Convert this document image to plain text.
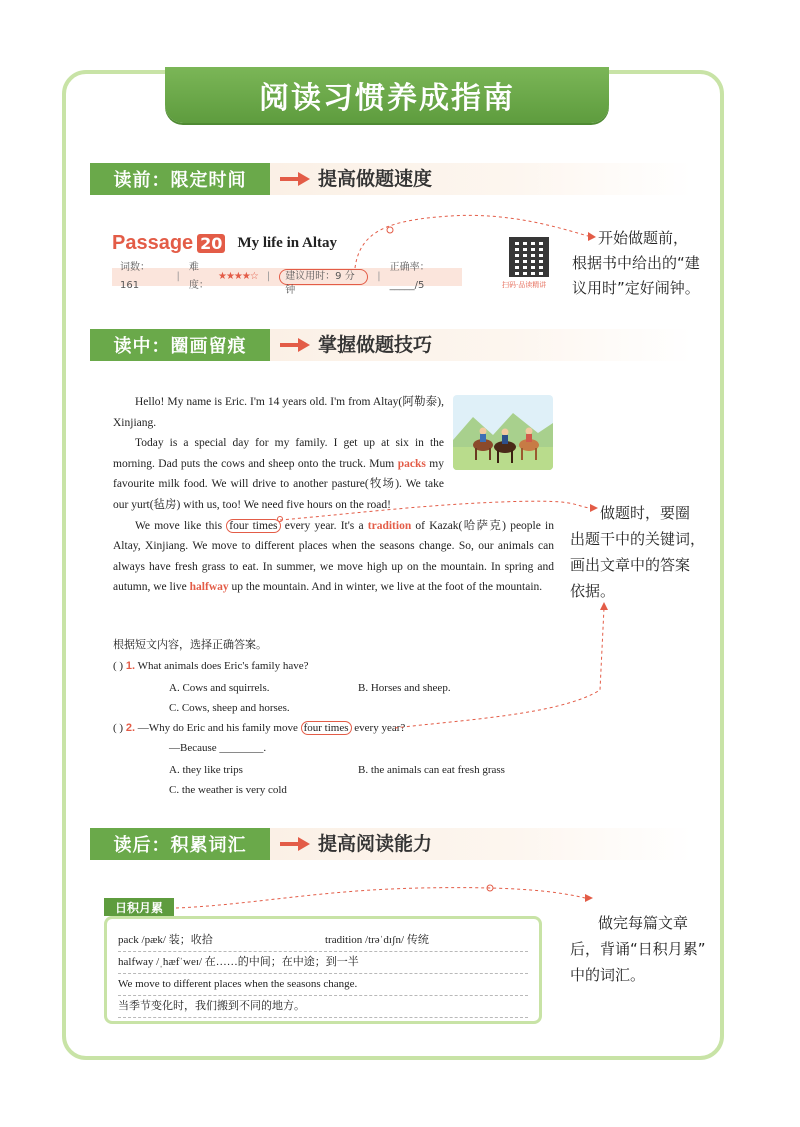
阅读习惯养成指南
读前：限定时间	提高做题速度
Passage 20 My life in Altay
词数：161
|
难度：
★★★★☆ |	建议用时：9 分钟
|
正确率：_____/5	扫码·品读精讲
开始做题前，
根据书中给出的“建
议用时”定好闹钟。
读中：圈画留痕	掌握做题技巧

Hello! My name is Eric. I'm 14 years old. I'm from Altay(阿勒泰), Xinjiang.

Today is a special day for my family. I get up at six in the morning. Dad puts the cows and sheep onto the truck. Mum packs my favourite milk food. We will drive to another pasture(牧场). We take our yurt(毡房) with us, too! We need five hours on the road!

We move like this four times every year. It's a tradition of Kazak(哈萨克) people in Altay, Xinjiang. We move to different places when the seasons change. So, our animals can always have fresh grass to eat. In summer, we move high up on the mountain. In spring and autumn, we live halfway up the mountain. And in winter, we live at the foot of the mountain.

做题时，要圈
出题干中的关键词，
画出文章中的答案
依据。
根据短文内容，选择正确答案。
( ) 1. What animals does Eric's family have?
A. Cows and squirrels.	B. Horses and sheep.
C. Cows, sheep and horses.
( ) 2. —Why do Eric and his family move four times every year?
—Because ________.
A. they like trips	B. the animals can eat fresh grass
C. the weather is very cold
读后：积累词汇	提高阅读能力
日积月累
pack /pæk/ 装；收拾	tradition /trəˈdɪʃn/ 传统
halfway /ˌhæfˈweɪ/ 在……的中间；在中途；到一半
We move to different places when the seasons change.
当季节变化时，我们搬到不同的地方。
做完每篇文章
后，背诵“日积月累”
中的词汇。
